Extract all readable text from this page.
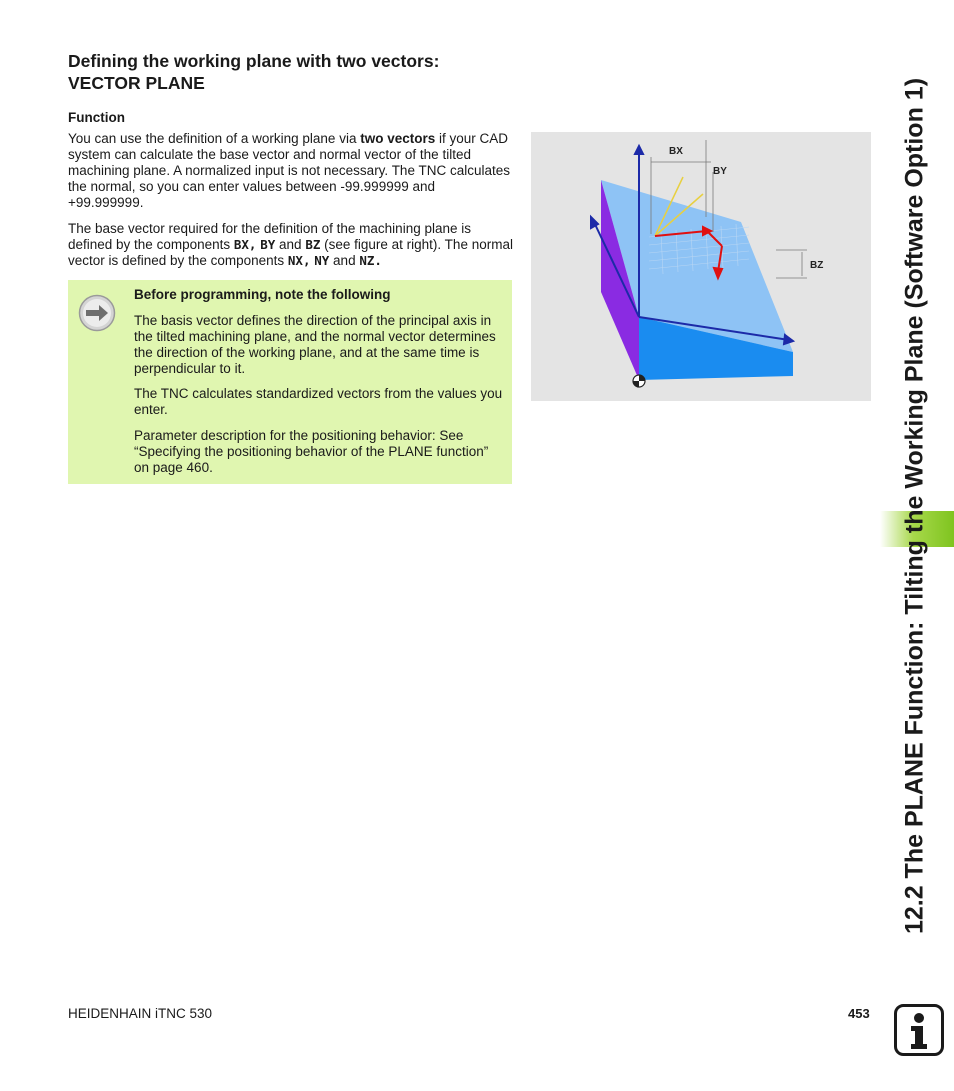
Defining the working plane with two vectors:
VECTOR PLANE
Function

You can use the definition of a working plane via two vectors if your CAD system can calculate the base vector and normal vector of the tilted machining plane. A normalized input is not necessary. The TNC calculates the normal, so you can enter values between -99.999999 and +99.999999.

The base vector required for the definition of the machining plane is defined by the components BX, BY and BZ (see figure at right). The normal vector is defined by the components NX, NY and NZ.

Before programming, note the following

The basis vector defines the direction of the principal axis in the tilted machining plane, and the normal vector determines the direction of the working plane, and at the same time is perpendicular to it.

The TNC calculates standardized vectors from the values you enter.

Parameter description for the positioning behavior: See “Specifying the positioning behavior of the PLANE function” on page 460.

BX
BY
BZ	12.2 The PLANE Function: Tilting the Working Plane (Software Option 1)

HEIDENHAIN iTNC 530	453
